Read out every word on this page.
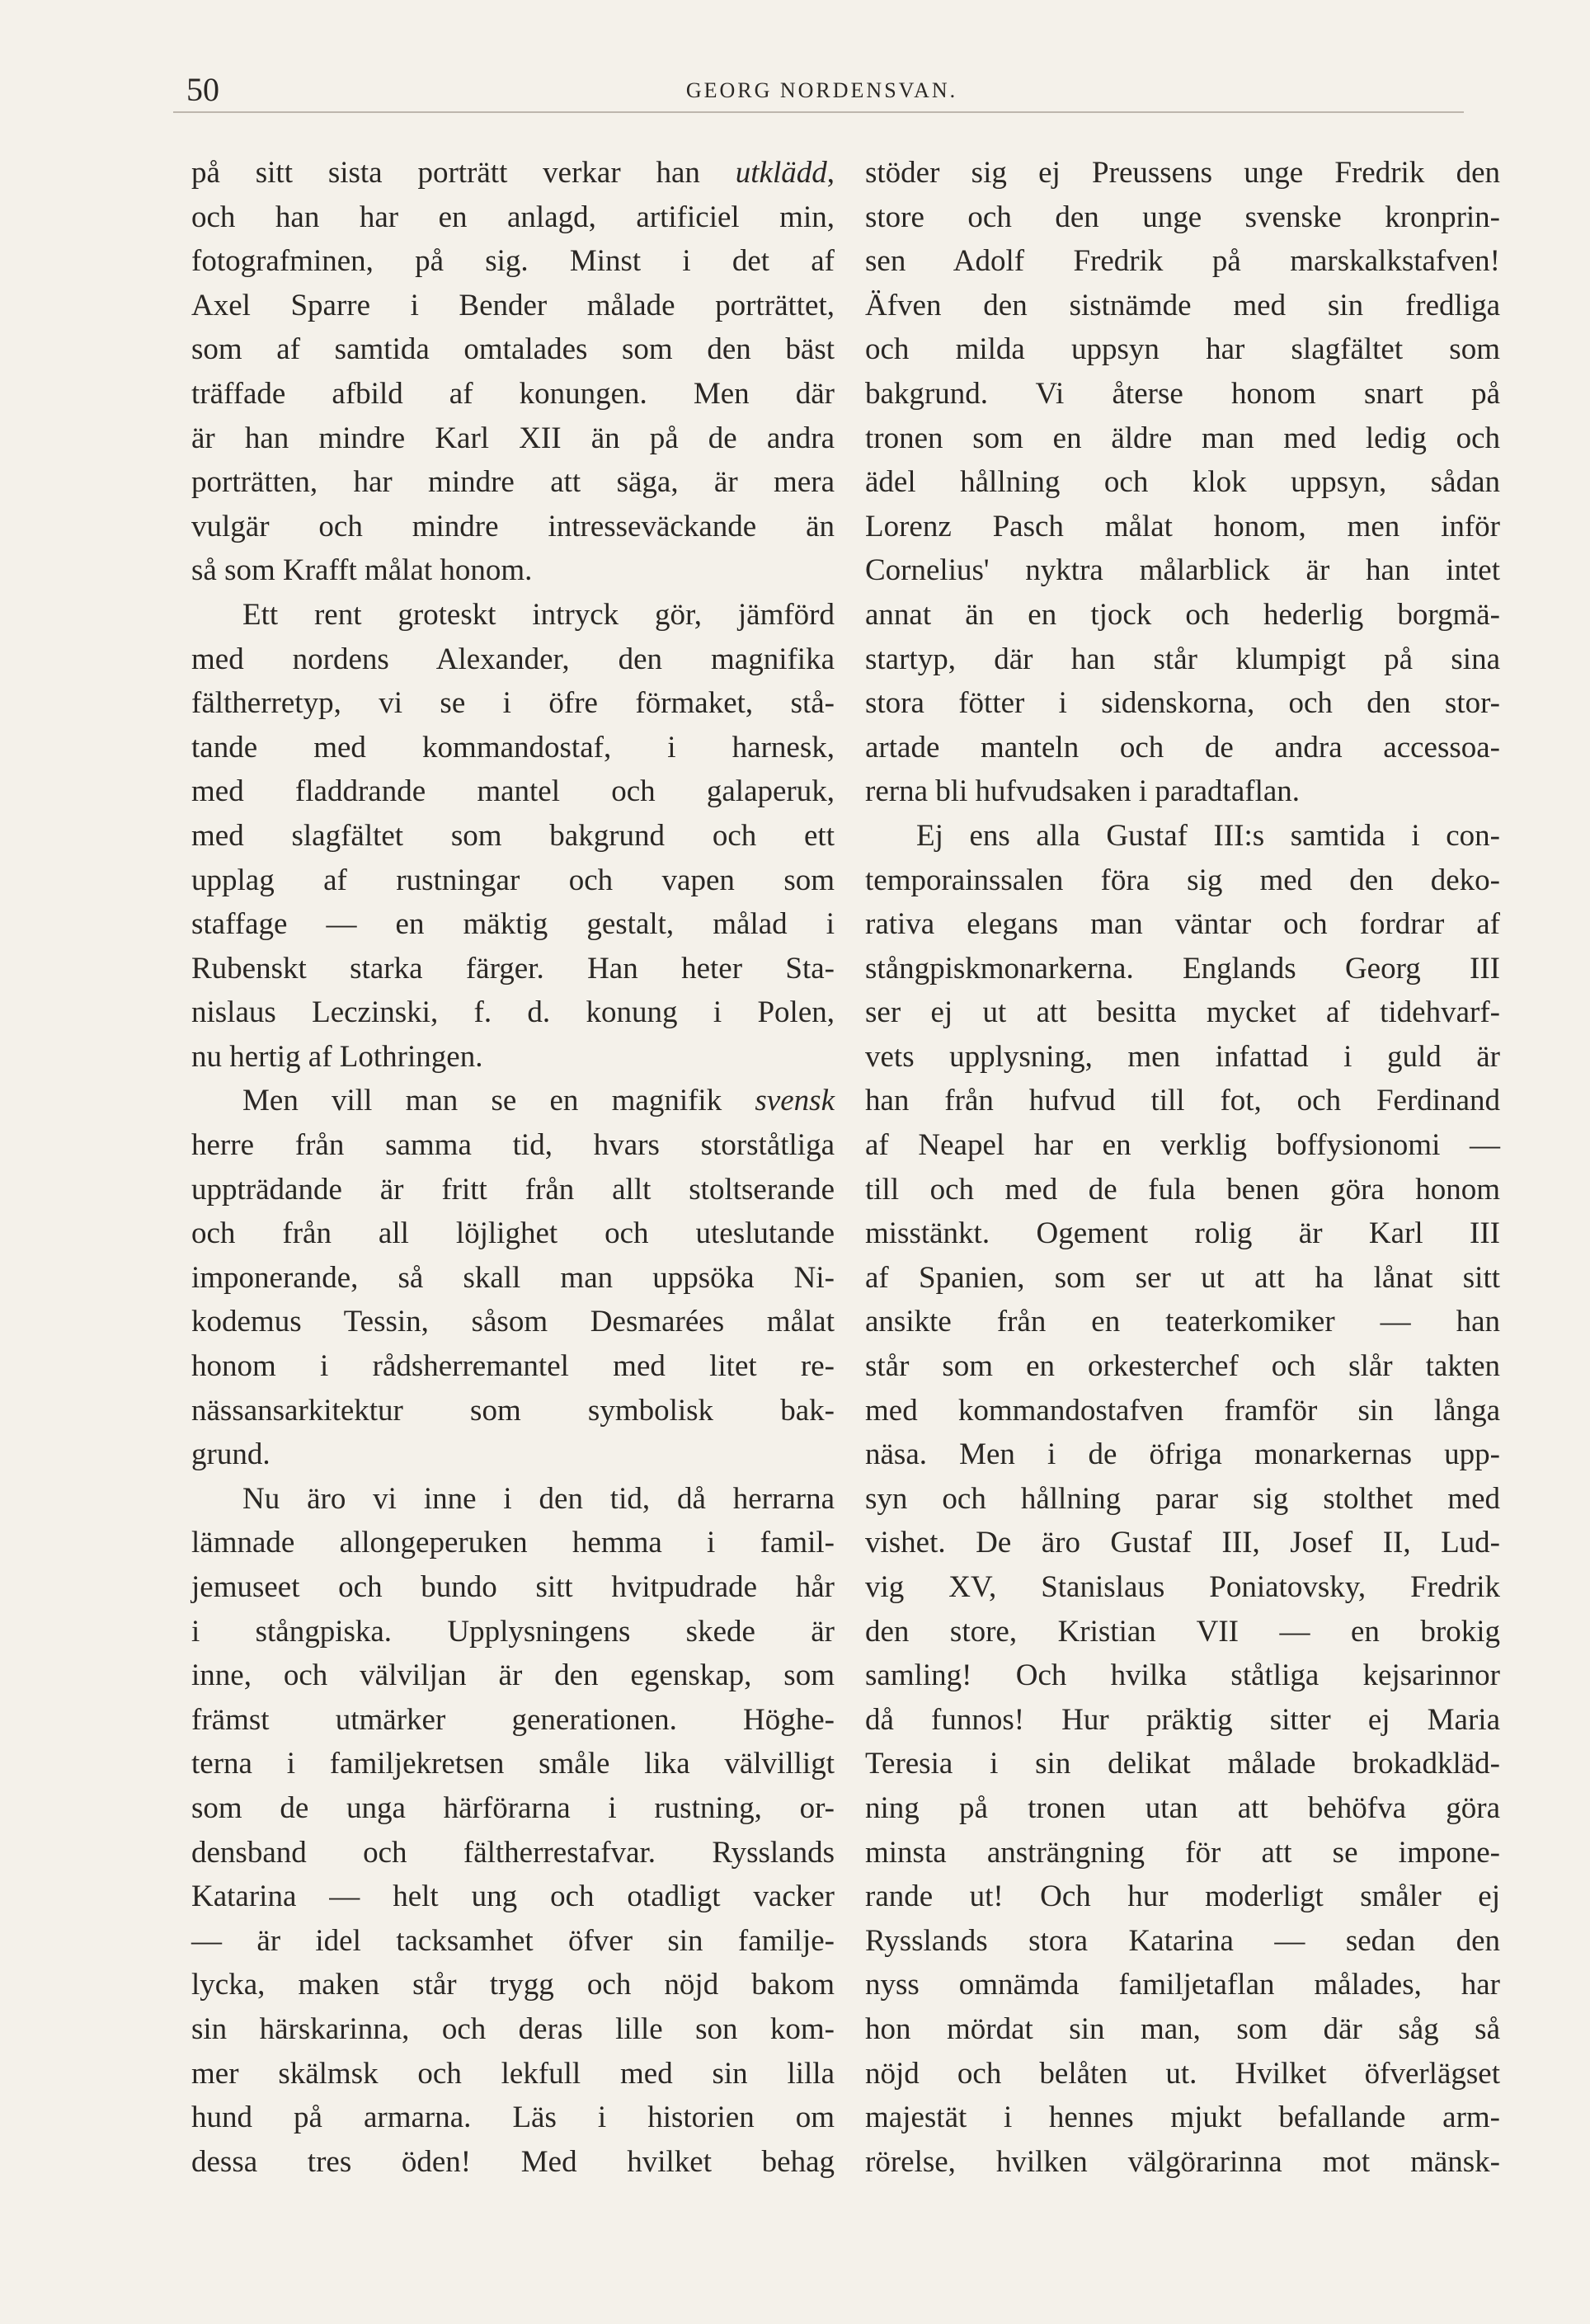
50	GEORG NORDENSVAN.
på sitt sista porträtt verkar han utklädd,
och han har en anlagd, artificiel min,
fotografminen, på sig. Minst i det af
Axel Sparre i Bender målade porträttet,
som af samtida omtalades som den bäst
träffade afbild af konungen. Men där
är han mindre Karl XII än på de andra
porträtten, har mindre att säga, är mera
vulgär och mindre intresseväckande än
så som Krafft målat honom.
Ett rent groteskt intryck gör, jämförd
med nordens Alexander, den magnifika
fältherretyp, vi se i öfre förmaket, stå-
tande med kommandostaf, i harnesk,
med fladdrande mantel och galaperuk,
med slagfältet som bakgrund och ett
upplag af rustningar och vapen som
staffage — en mäktig gestalt, målad i
Rubenskt starka färger. Han heter Sta-
nislaus Leczinski, f. d. konung i Polen,
nu hertig af Lothringen.
Men vill man se en magnifik svensk
herre från samma tid, hvars storståtliga
uppträdande är fritt från allt stoltserande
och från all löjlighet och uteslutande
imponerande, så skall man uppsöka Ni-
kodemus Tessin, såsom Desmarées målat
honom i rådsherremantel med litet re-
nässansarkitektur som symbolisk bak-
grund.
Nu äro vi inne i den tid, då herrarna
lämnade allongeperuken hemma i famil-
jemuseet och bundo sitt hvitpudrade hår
i stångpiska. Upplysningens skede är
inne, och välviljan är den egenskap, som
främst utmärker generationen. Höghe-
terna i familjekretsen småle lika välvilligt
som de unga härförarna i rustning, or-
densband och fältherrestafvar. Rysslands
Katarina — helt ung och otadligt vacker
— är idel tacksamhet öfver sin familje-
lycka, maken står trygg och nöjd bakom
sin härskarinna, och deras lille son kom-
mer skälmsk och lekfull med sin lilla
hund på armarna. Läs i historien om
dessa tres öden! Med hvilket behag
stöder sig ej Preussens unge Fredrik den
store och den unge svenske kronprin-
sen Adolf Fredrik på marskalkstafven!
Äfven den sistnämde med sin fredliga
och milda uppsyn har slagfältet som
bakgrund. Vi återse honom snart på
tronen som en äldre man med ledig och
ädel hållning och klok uppsyn, sådan
Lorenz Pasch målat honom, men inför
Cornelius' nyktra målarblick är han intet
annat än en tjock och hederlig borgmä-
startyp, där han står klumpigt på sina
stora fötter i sidenskorna, och den stor-
artade manteln och de andra accessoa-
rerna bli hufvudsaken i paradtaflan.
Ej ens alla Gustaf III:s samtida i con-
temporainssalen föra sig med den deko-
rativa elegans man väntar och fordrar af
stångpiskmonarkerna. Englands Georg III
ser ej ut att besitta mycket af tidehvarf-
vets upplysning, men infattad i guld är
han från hufvud till fot, och Ferdinand
af Neapel har en verklig boffysionomi —
till och med de fula benen göra honom
misstänkt. Ogement rolig är Karl III
af Spanien, som ser ut att ha lånat sitt
ansikte från en teaterkomiker — han
står som en orkesterchef och slår takten
med kommandostafven framför sin långa
näsa. Men i de öfriga monarkernas upp-
syn och hållning parar sig stolthet med
vishet. De äro Gustaf III, Josef II, Lud-
vig XV, Stanislaus Poniatovsky, Fredrik
den store, Kristian VII — en brokig
samling! Och hvilka ståtliga kejsarinnor
då funnos! Hur präktig sitter ej Maria
Teresia i sin delikat målade brokadkläd-
ning på tronen utan att behöfva göra
minsta ansträngning för att se impone-
rande ut! Och hur moderligt småler ej
Rysslands stora Katarina — sedan den
nyss omnämda familjetaflan målades, har
hon mördat sin man, som där såg så
nöjd och belåten ut. Hvilket öfverlägset
majestät i hennes mjukt befallande arm-
rörelse, hvilken välgörarinna mot mänsk-
